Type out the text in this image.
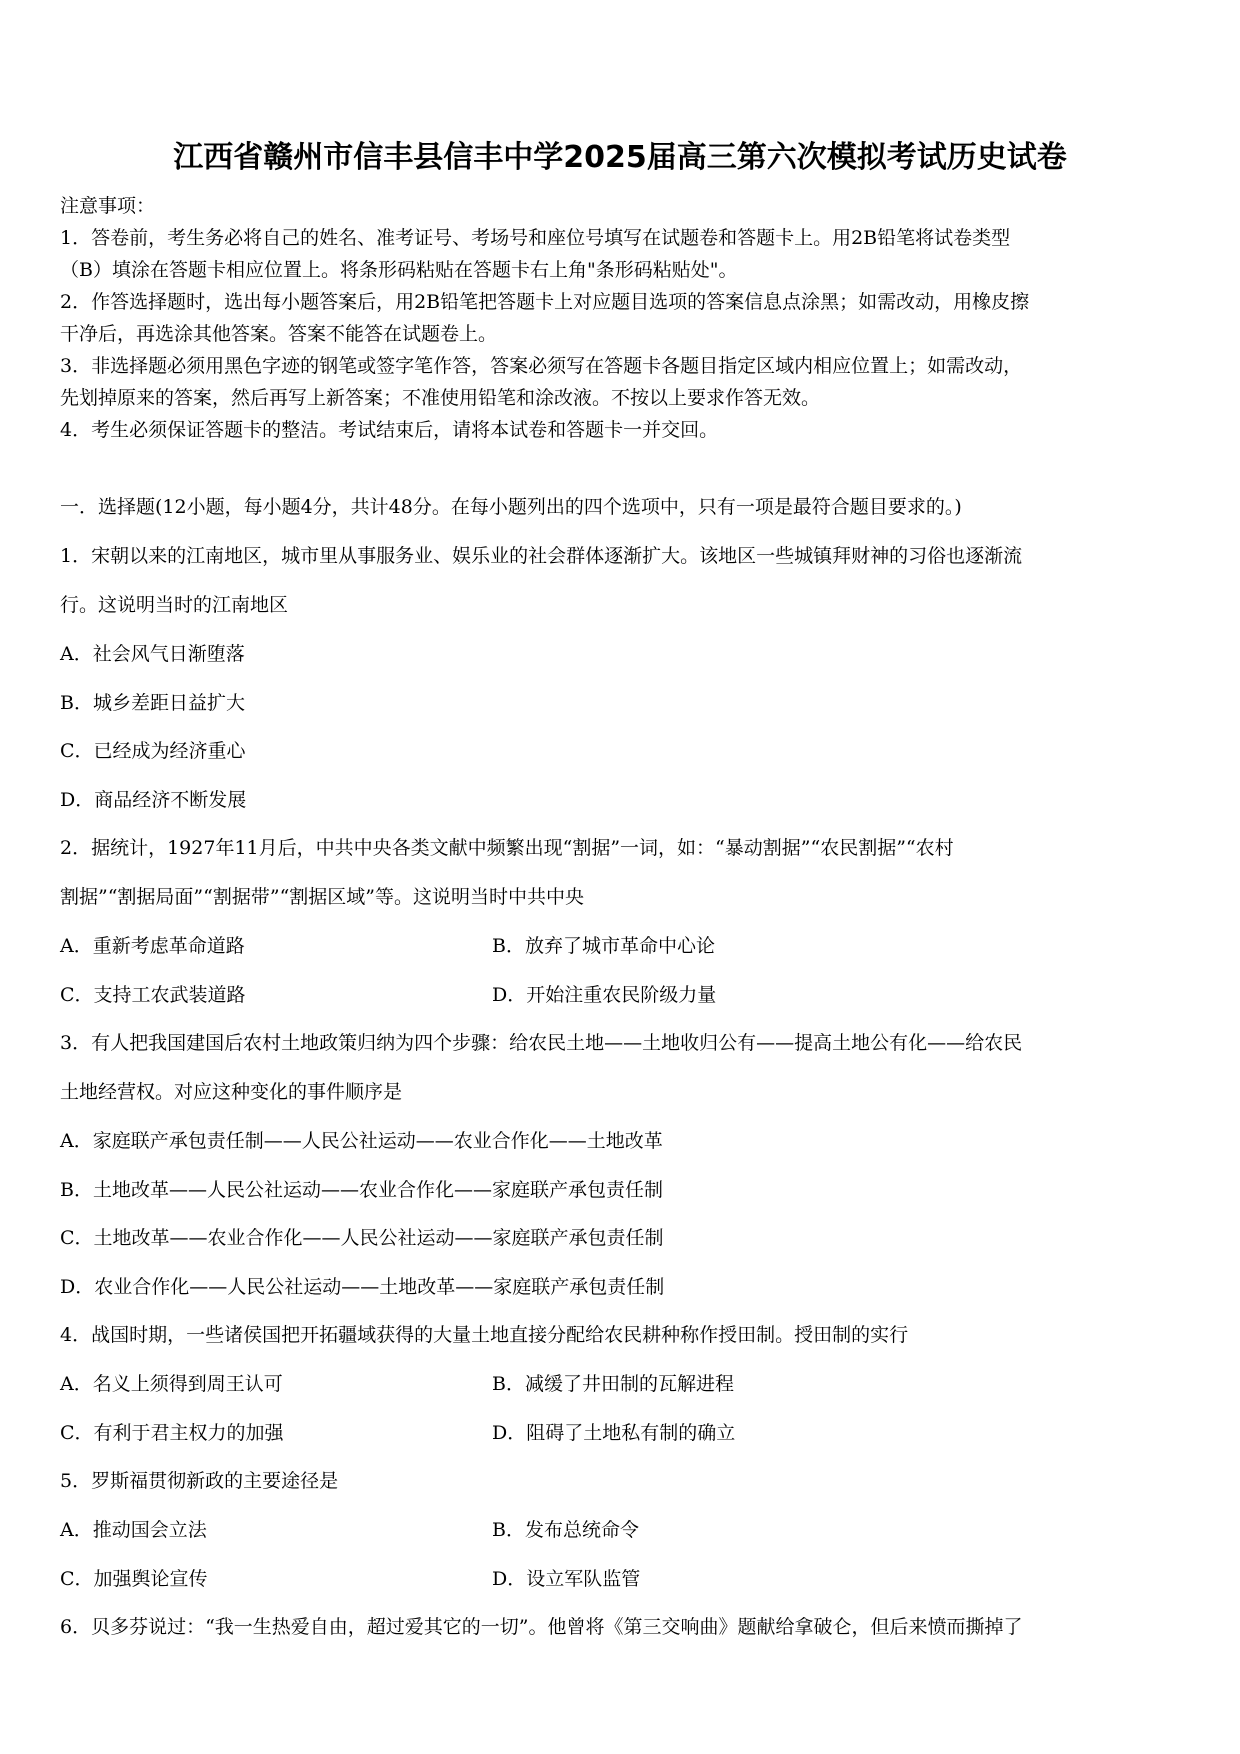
江西省赣州市信丰县信丰中学2025届高三第六次模拟考试历史试卷

注意事项：

1．答卷前，考生务必将自己的姓名、准考证号、考场号和座位号填写在试题卷和答题卡上。用2B铅笔将试卷类型

（B）填涂在答题卡相应位置上。将条形码粘贴在答题卡右上角"条形码粘贴处"。

2．作答选择题时，选出每小题答案后，用2B铅笔把答题卡上对应题目选项的答案信息点涂黑；如需改动，用橡皮擦

干净后，再选涂其他答案。答案不能答在试题卷上。

3．非选择题必须用黑色字迹的钢笔或签字笔作答，答案必须写在答题卡各题目指定区域内相应位置上；如需改动，

先划掉原来的答案，然后再写上新答案；不准使用铅笔和涂改液。不按以上要求作答无效。

4．考生必须保证答题卡的整洁。考试结束后，请将本试卷和答题卡一并交回。

一．选择题(12小题，每小题4分，共计48分。在每小题列出的四个选项中，只有一项是最符合题目要求的。)

1．宋朝以来的江南地区，城市里从事服务业、娱乐业的社会群体逐渐扩大。该地区一些城镇拜财神的习俗也逐渐流

行。这说明当时的江南地区

A．社会风气日渐堕落

B．城乡差距日益扩大

C．已经成为经济重心

D．商品经济不断发展

2．据统计，1927年11月后，中共中央各类文献中频繁出现“割据”一词，如：“暴动割据”“农民割据”“农村

割据”“割据局面”“割据带”“割据区域”等。这说明当时中共中央

A．重新考虑革命道路	B．放弃了城市革命中心论
C．支持工农武装道路	D．开始注重农民阶级力量

3．有人把我国建国后农村土地政策归纳为四个步骤：给农民土地——土地收归公有——提高土地公有化——给农民

土地经营权。对应这种变化的事件顺序是

A．家庭联产承包责任制——人民公社运动——农业合作化——土地改革

B．土地改革——人民公社运动——农业合作化——家庭联产承包责任制

C．土地改革——农业合作化——人民公社运动——家庭联产承包责任制

D．农业合作化——人民公社运动——土地改革——家庭联产承包责任制

4．战国时期，一些诸侯国把开拓疆域获得的大量土地直接分配给农民耕种称作授田制。授田制的实行

A．名义上须得到周王认可	B．减缓了井田制的瓦解进程
C．有利于君主权力的加强	D．阻碍了土地私有制的确立

5．罗斯福贯彻新政的主要途径是

A．推动国会立法	B．发布总统命令
C．加强舆论宣传	D．设立军队监管

6．贝多芬说过：“我一生热爱自由，超过爱其它的一切”。他曾将《第三交响曲》题献给拿破仑，但后来愤而撕掉了
